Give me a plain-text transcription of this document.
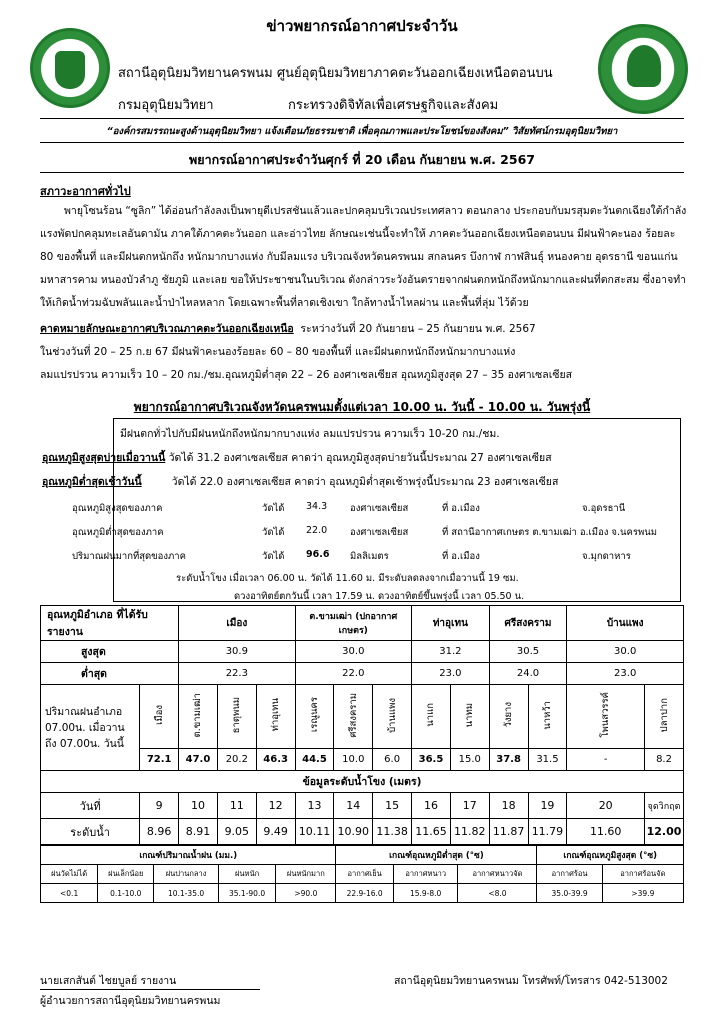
ข่าวพยากรณ์อากาศประจำวัน
สถานีอุตุนิยมวิทยานครพนม ศูนย์อุตุนิยมวิทยาภาคตะวันออกเฉียงเหนือตอนบน
กรมอุตุนิยมวิทยา	กระทรวงดิจิทัลเพื่อเศรษฐกิจและสังคม
“องค์กรสมรรถนะสูงด้านอุตุนิยมวิทยา แจ้งเตือนภัยธรรมชาติ เพื่อคุณภาพและประโยชน์ของสังคม” วิสัยทัศน์กรมอุตุนิยมวิทยา
พยากรณ์อากาศประจำวันศุกร์ ที่ 20 เดือน กันยายน พ.ศ. 2567
สภาวะอากาศทั่วไป
พายุโซนร้อน “ซูลิก” ได้อ่อนกำลังลงเป็นพายุดีเปรสชันแล้วและปกคลุมบริเวณประเทศลาว ตอนกลาง ประกอบกับมรสุมตะวันตกเฉียงใต้กำลัง
แรงพัดปกคลุมทะเลอันดามัน ภาคใต้ภาคตะวันออก และอ่าวไทย ลักษณะเช่นนี้จะทำให้ ภาคตะวันออกเฉียงเหนือตอนบน มีฝนฟ้าคะนอง ร้อยละ
80 ของพื้นที่ และมีฝนตกหนักถึง หนักมากบางแห่ง กับมีลมแรง บริเวณจังหวัดนครพนม สกลนคร บึงกาฬ กาฬสินธุ์ หนองคาย อุดรธานี ขอนแก่น
มหาสารคาม หนองบัวลำภู ชัยภูมิ และเลย ขอให้ประชาชนในบริเวณ ดังกล่าวระวังอันตรายจากฝนตกหนักถึงหนักมากและฝนที่ตกสะสม ซึ่งอาจทำ
ให้เกิดน้ำท่วมฉับพลันและน้ำป่าไหลหลาก โดยเฉพาะพื้นที่ลาดเชิงเขา ใกล้ทางน้ำไหลผ่าน และพื้นที่ลุ่ม ไว้ด้วย
คาดหมายลักษณะอากาศบริเวณภาคตะวันออกเฉียงเหนือ ระหว่างวันที่ 20 กันยายน – 25 กันยายน พ.ศ. 2567
ในช่วงวันที่ 20 – 25 ก.ย 67 มีฝนฟ้าคะนองร้อยละ 60 – 80 ของพื้นที่ และมีฝนตกหนักถึงหนักมากบางแห่ง
ลมแปรปรวน ความเร็ว 10 – 20 กม./ชม.อุณหภูมิต่ำสุด 22 – 26 องศาเซลเซียส อุณหภูมิสูงสุด 27 – 35 องศาเซลเซียส
พยากรณ์อากาศบริเวณจังหวัดนครพนมตั้งแต่เวลา 10.00 น. วันนี้ - 10.00 น. วันพรุ่งนี้
มีฝนตกทั่วไปกับมีฝนหนักถึงหนักมากบางแห่ง ลมแปรปรวน ความเร็ว 10-20 กม./ชม.
อุณหภูมิสูงสุดบ่ายเมื่อวานนี้ วัดได้ 31.2 องศาเซลเซียส คาดว่า อุณหภูมิสูงสุดบ่ายวันนี้ประมาณ 27 องศาเซลเซียส
อุณหภูมิต่ำสุดเช้าวันนี้	วัดได้ 22.0 องศาเซลเซียส คาดว่า อุณหภูมิต่ำสุดเช้าพรุ่งนี้ประมาณ 23 องศาเซลเซียส
อุณหภูมิสูงสุดของภาค	วัดได้ 34.3 องศาเซลเซียส	ที่ อ.เมือง	จ.อุดรธานี
อุณหภูมิต่ำสุดของภาค	วัดได้ 22.0 องศาเซลเซียส	ที่ สถานีอากาศเกษตร ต.ขามเฒ่า อ.เมือง จ.นครพนม
ปริมาณฝนมากที่สุดของภาค	วัดได้ 96.6 มิลลิเมตร	ที่ อ.เมือง	จ.มุกดาหาร
ระดับน้ำโขง เมื่อเวลา 06.00 น. วัดได้ 11.60 ม. มีระดับลดลงจากเมื่อวานนี้ 19 ซม.
ดวงอาทิตย์ตกวันนี้ เวลา 17.59 น. ดวงอาทิตย์ขึ้นพรุ่งนี้ เวลา 05.50 น.
อุณหภูมิอำเภอ ที่ได้รับรายงาน		เมือง			ต.ขามเฒ่า (ปกอากาศเกษตร)			ท่าอุเทน		ศรีสงคราม		บ้านแพง	
สูงสุด		30.9			30.0			31.2		30.5		30.0	
ต่ำสุด		22.3			22.0			23.0		24.0		23.0	

ปริมาณฝนอำเภอ
07.00น. เมื่อวาน
ถึง 07.00น. วันนี้	เมือง	ต.ขามเฒ่า	ธาตุพนม	ท่าอุเทน	เรณูนคร	ศรีสงคราม	บ้านแพง	นาแก	นาทม	วังยาง	นาหว้า	โพนสวรรค์	ปลาปาก
	72.1	47.0	20.2	46.3	44.5	10.0	6.0	36.5	15.0	37.8	31.5	-	8.2
ข้อมูลระดับน้ำโขง (เมตร)													
วันที่	9	10	11	12	13	14	15	16	17	18	19	20	จุดวิกฤต
ระดับน้ำ	8.96	8.91	9.05	9.49	10.11	10.90	11.38	11.65	11.82	11.87	11.79	11.60	12.00
เกณฑ์ปริมาณน้ำฝน (มม.)					เกณฑ์อุณหภูมิต่ำสุด (°ซ)			เกณฑ์อุณหภูมิสูงสุด (°ซ)	
ฝนวัดไม่ได้	ฝนเล็กน้อย	ฝนปานกลาง	ฝนหนัก	ฝนหนักมาก	อากาศเย็น	อากาศหนาว	อากาศหนาวจัด	อากาศร้อน	อากาศร้อนจัด
<0.1	0.1-10.0	10.1-35.0	35.1-90.0	>90.0	22.9-16.0	15.9-8.0	<8.0	35.0-39.9	>39.9
นายเสกสันต์ ไชยบูลย์ รายงาน	สถานีอุตุนิยมวิทยานครพนม โทรศัพท์/โทรสาร 042-513002
ผู้อำนวยการสถานีอุตุนิยมวิทยานครพนม
